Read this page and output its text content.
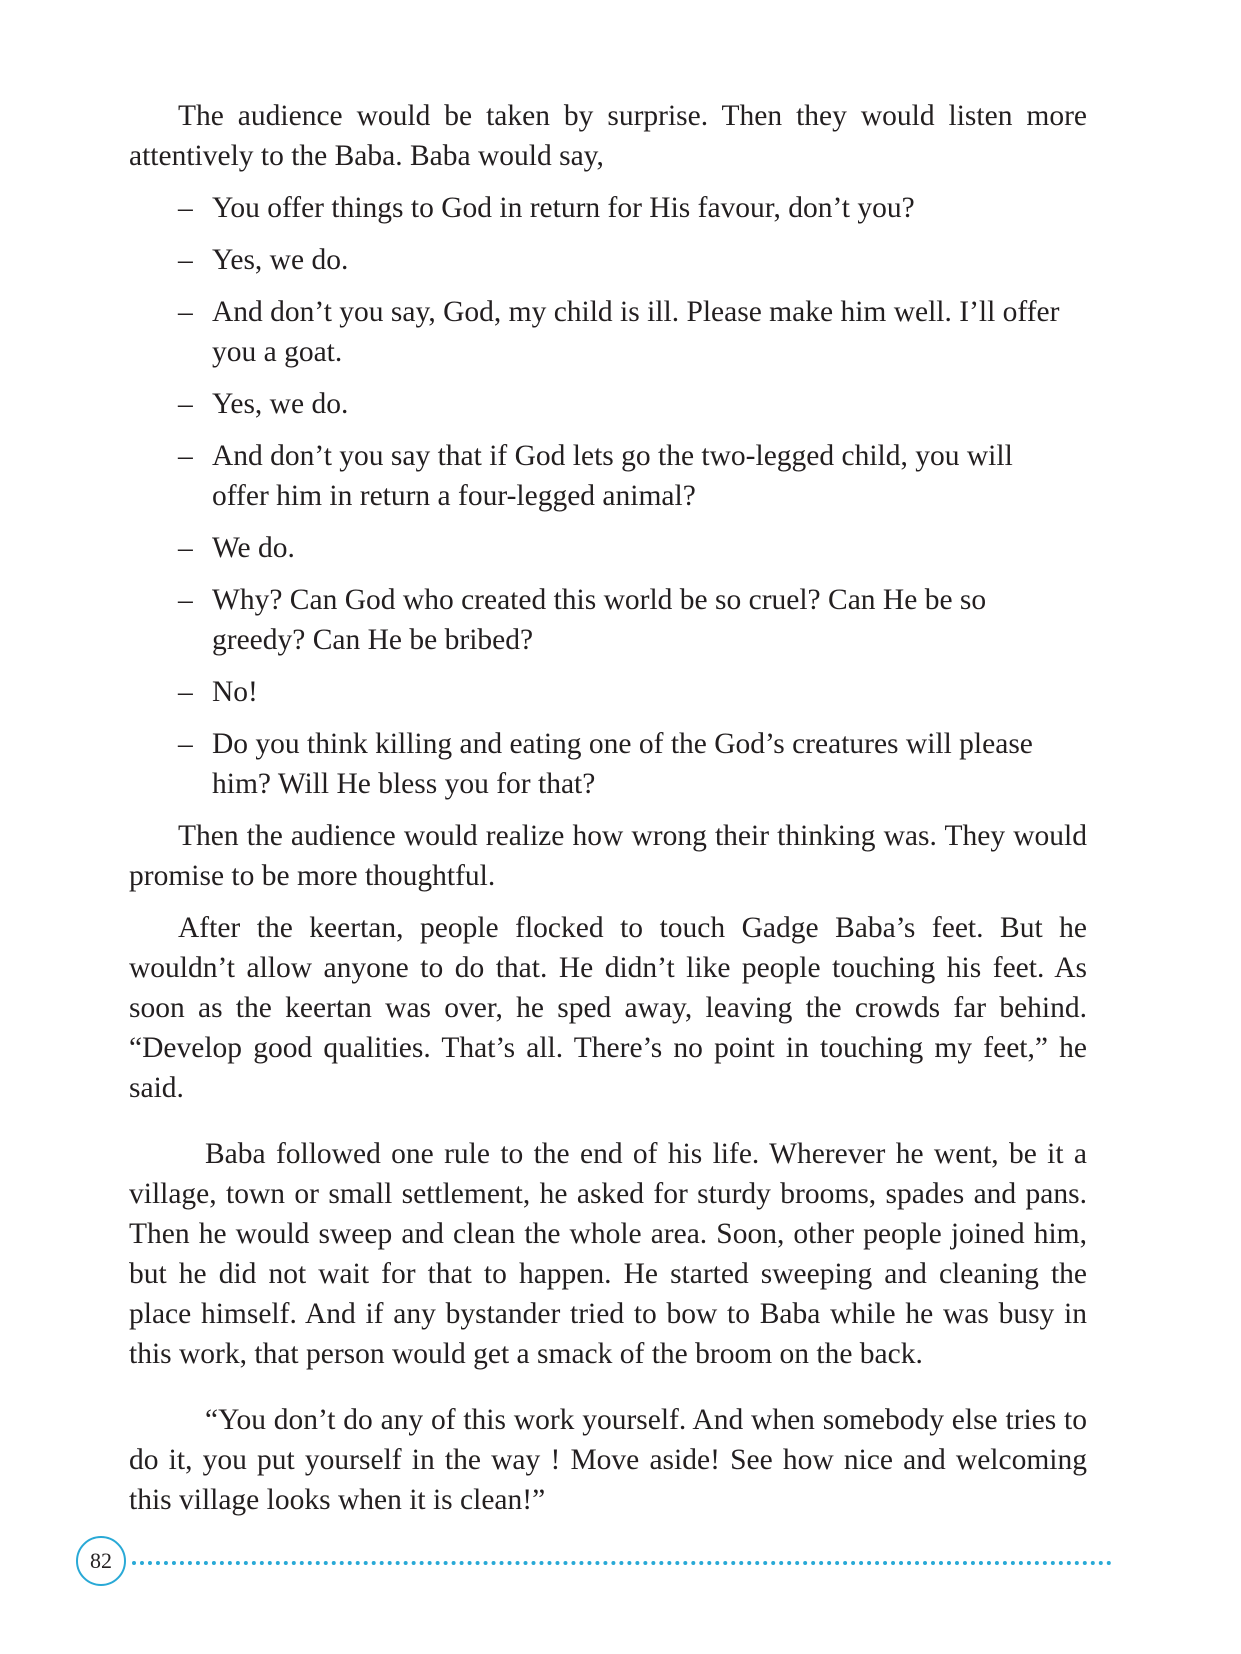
The audience would be taken by surprise. Then they would listen more attentively to the Baba. Baba would say,

– You offer things to God in return for His favour, don’t you?
– Yes, we do.
– And don’t you say, God, my child is ill. Please make him well. I’ll offer you a goat.
– Yes, we do.
– And don’t you say that if God lets go the two-legged child, you will offer him in return a four-legged animal?
– We do.
– Why? Can God who created this world be so cruel? Can He be so greedy? Can He be bribed?
– No!
– Do you think killing and eating one of the God’s creatures will please him? Will He bless you for that?

Then the audience would realize how wrong their thinking was. They would promise to be more thoughtful.

After the keertan, people flocked to touch Gadge Baba’s feet. But he wouldn’t allow anyone to do that. He didn’t like people touching his feet. As soon as the keertan was over, he sped away, leaving the crowds far behind. “Develop good qualities. That’s all. There’s no point in touching my feet,” he said.

Baba followed one rule to the end of his life. Wherever he went, be it a village, town or small settlement, he asked for sturdy brooms, spades and pans. Then he would sweep and clean the whole area. Soon, other people joined him, but he did not wait for that to happen. He started sweeping and cleaning the place himself. And if any bystander tried to bow to Baba while he was busy in this work, that person would get a smack of the broom on the back.

“You don’t do any of this work yourself. And when somebody else tries to do it, you put yourself in the way ! Move aside! See how nice and welcoming this village looks when it is clean!”

82
